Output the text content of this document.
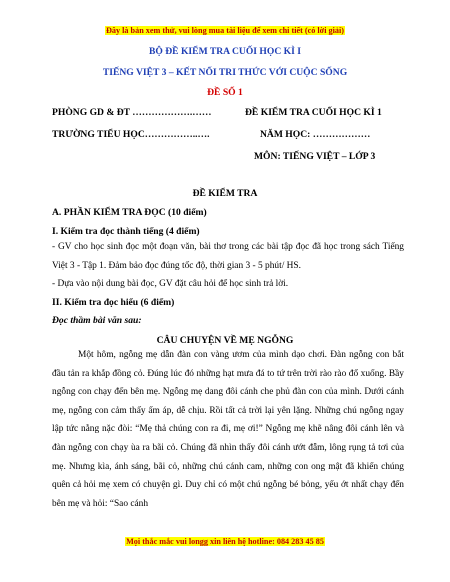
Đây là bản xem thử, vui lòng mua tài liệu để xem chi tiết (có lời giải)
BỘ ĐỀ KIỂM TRA CUỐI HỌC KÌ I
TIẾNG VIỆT 3 – KẾT NỐI TRI THỨC VỚI CUỘC SỐNG
ĐỀ SỐ 1
PHÒNG GD & ĐT ……………….……	ĐỀ KIỂM TRA CUỐI HỌC KÌ 1
TRƯỜNG TIỂU HỌC……………..….	NĂM HỌC: ………………
MÔN: TIẾNG VIỆT – LỚP 3
ĐỀ KIỂM TRA
A. PHẦN KIỂM TRA ĐỌC (10 điểm)
I. Kiểm tra đọc thành tiếng (4 điểm)

- GV cho học sinh đọc một đoạn văn, bài thơ trong các bài tập đọc đã học trong sách Tiếng Việt 3 - Tập 1. Đảm bảo đọc đúng tốc độ, thời gian 3 - 5 phút/ HS.

- Dựa vào nội dung bài đọc, GV đặt câu hỏi để học sinh trả lời.

II. Kiểm tra đọc hiểu (6 điểm)
Đọc thầm bài văn sau:
CÂU CHUYỆN VỀ MẸ NGỖNG

Một hôm, ngỗng mẹ dẫn đàn con vàng ươm của mình dạo chơi. Đàn ngỗng con bắt đầu tản ra khắp đồng cỏ. Đúng lúc đó những hạt mưa đá to tứ trên trời rào rào đổ xuống. Bầy ngỗng con chạy đến bên mẹ. Ngỗng mẹ dang đôi cánh che phủ đàn con của mình. Dưới cánh mẹ, ngỗng con cảm thấy ấm áp, dễ chịu. Rồi tất cả trời lại yên lặng. Những chú ngỗng ngay lập tức nằng nặc đòi: “Mẹ thả chúng con ra đi, mẹ ơi!” Ngỗng mẹ khẽ nâng đôi cánh lên và đàn ngỗng con chạy ùa ra bãi cỏ. Chúng đã nhìn thấy đôi cánh ướt đẫm, lông rụng tả tơi của mẹ. Nhưng kìa, ánh sáng, bãi cỏ, những chú cánh cam, những con ong mật đã khiến chúng quên cả hỏi mẹ xem có chuyện gì. Duy chỉ có một chú ngỗng bé bỏng, yếu ớt nhất chạy đến bên mẹ và hỏi: “Sao cánh

Mọi thắc mắc vui longg xin liên hệ hotline: 084 283 45 85
